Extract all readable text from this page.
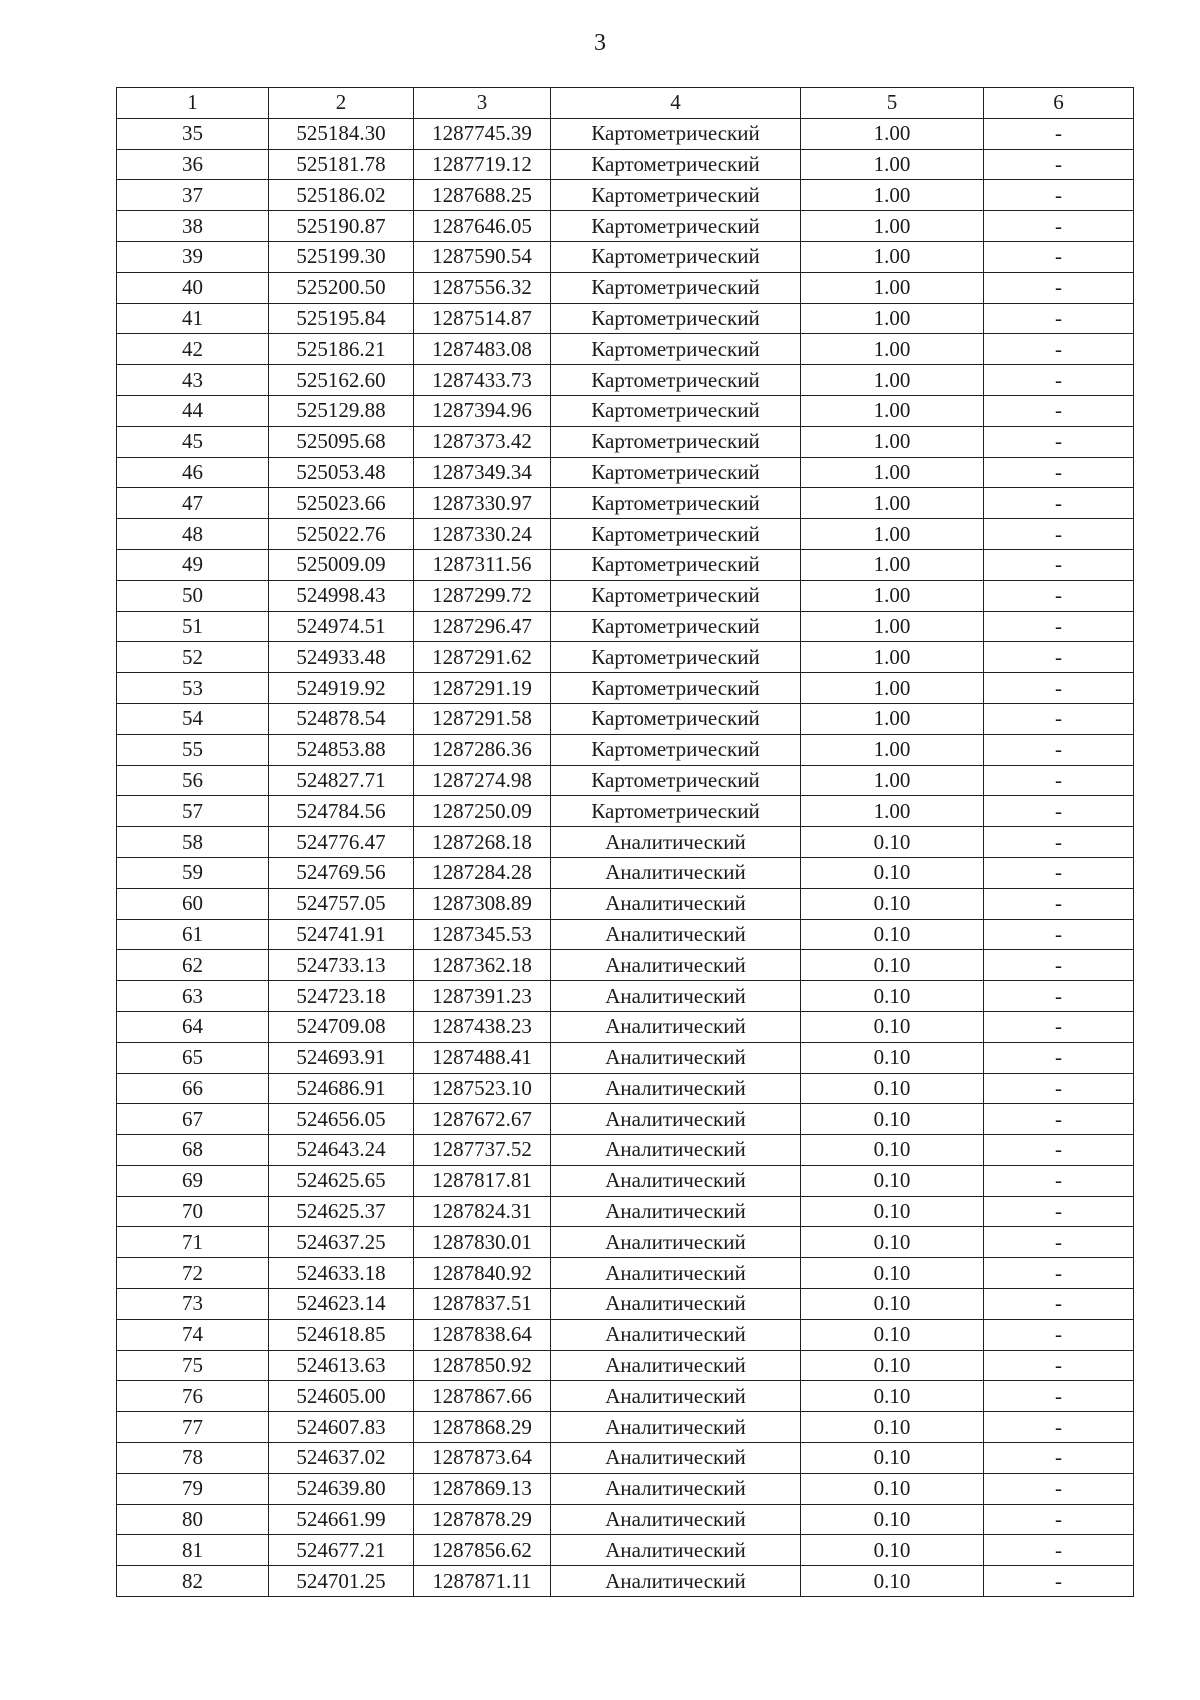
3
1	2	3	4	5	6
35	525184.30	1287745.39	Картометрический	1.00	-
36	525181.78	1287719.12	Картометрический	1.00	-
37	525186.02	1287688.25	Картометрический	1.00	-
38	525190.87	1287646.05	Картометрический	1.00	-
39	525199.30	1287590.54	Картометрический	1.00	-
40	525200.50	1287556.32	Картометрический	1.00	-
41	525195.84	1287514.87	Картометрический	1.00	-
42	525186.21	1287483.08	Картометрический	1.00	-
43	525162.60	1287433.73	Картометрический	1.00	-
44	525129.88	1287394.96	Картометрический	1.00	-
45	525095.68	1287373.42	Картометрический	1.00	-
46	525053.48	1287349.34	Картометрический	1.00	-
47	525023.66	1287330.97	Картометрический	1.00	-
48	525022.76	1287330.24	Картометрический	1.00	-
49	525009.09	1287311.56	Картометрический	1.00	-
50	524998.43	1287299.72	Картометрический	1.00	-
51	524974.51	1287296.47	Картометрический	1.00	-
52	524933.48	1287291.62	Картометрический	1.00	-
53	524919.92	1287291.19	Картометрический	1.00	-
54	524878.54	1287291.58	Картометрический	1.00	-
55	524853.88	1287286.36	Картометрический	1.00	-
56	524827.71	1287274.98	Картометрический	1.00	-
57	524784.56	1287250.09	Картометрический	1.00	-
58	524776.47	1287268.18	Аналитический	0.10	-
59	524769.56	1287284.28	Аналитический	0.10	-
60	524757.05	1287308.89	Аналитический	0.10	-
61	524741.91	1287345.53	Аналитический	0.10	-
62	524733.13	1287362.18	Аналитический	0.10	-
63	524723.18	1287391.23	Аналитический	0.10	-
64	524709.08	1287438.23	Аналитический	0.10	-
65	524693.91	1287488.41	Аналитический	0.10	-
66	524686.91	1287523.10	Аналитический	0.10	-
67	524656.05	1287672.67	Аналитический	0.10	-
68	524643.24	1287737.52	Аналитический	0.10	-
69	524625.65	1287817.81	Аналитический	0.10	-
70	524625.37	1287824.31	Аналитический	0.10	-
71	524637.25	1287830.01	Аналитический	0.10	-
72	524633.18	1287840.92	Аналитический	0.10	-
73	524623.14	1287837.51	Аналитический	0.10	-
74	524618.85	1287838.64	Аналитический	0.10	-
75	524613.63	1287850.92	Аналитический	0.10	-
76	524605.00	1287867.66	Аналитический	0.10	-
77	524607.83	1287868.29	Аналитический	0.10	-
78	524637.02	1287873.64	Аналитический	0.10	-
79	524639.80	1287869.13	Аналитический	0.10	-
80	524661.99	1287878.29	Аналитический	0.10	-
81	524677.21	1287856.62	Аналитический	0.10	-
82	524701.25	1287871.11	Аналитический	0.10	-
